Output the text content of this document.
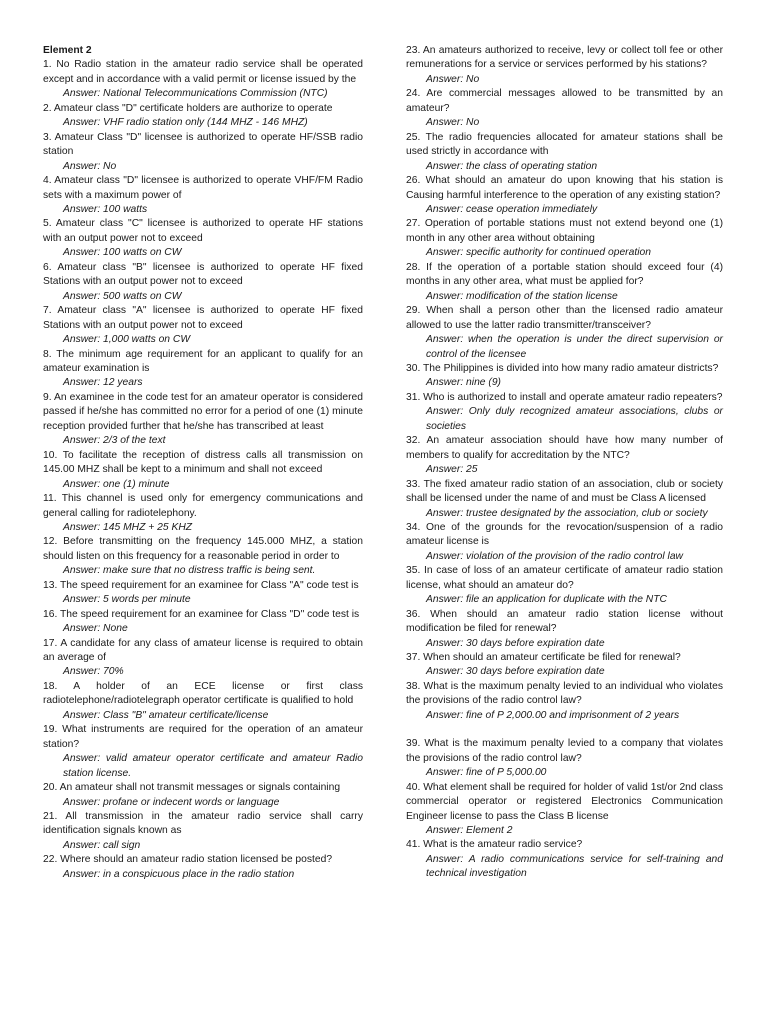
Element 2
1. No Radio station in the amateur radio service shall be operated except and in accordance with a valid permit or license issued by the
Answer: National Telecommunications Commission (NTC)
2. Amateur class "D" certificate holders are authorize to operate
Answer: VHF radio station only (144 MHZ - 146 MHZ)
3. Amateur Class "D" licensee is authorized to operate HF/SSB radio station
Answer: No
4. Amateur class "D" licensee is authorized to operate VHF/FM Radio sets with a maximum power of
Answer: 100 watts
5. Amateur class "C" licensee is authorized to operate HF stations with an output power not to exceed
Answer: 100 watts on CW
6. Amateur class "B" licensee is authorized to operate HF fixed Stations with an output power not to exceed
Answer: 500 watts on CW
7. Amateur class "A" licensee is authorized to operate HF fixed Stations with an output power not to exceed
Answer: 1,000 watts on CW
8. The minimum age requirement for an applicant to qualify for an amateur examination is
Answer: 12 years
9. An examinee in the code test for an amateur operator is considered passed if he/she has committed no error for a period of one (1) minute reception provided further that he/she has transcribed at least
Answer: 2/3 of the text
10. To facilitate the reception of distress calls all transmission on 145.00 MHZ shall be kept to a minimum and shall not exceed
Answer: one (1) minute
11. This channel is used only for emergency communications and general calling for radiotelephony.
Answer: 145 MHZ + 25 KHZ
12. Before transmitting on the frequency 145.000 MHZ, a station should listen on this frequency for a reasonable period in order to
Answer: make sure that no distress traffic is being sent.
13. The speed requirement for an examinee for Class "A" code test is
Answer: 5 words per minute
16. The speed requirement for an examinee for Class "D" code test is
Answer: None
17. A candidate for any class of amateur license is required to obtain an average of
Answer: 70%
18. A holder of an ECE license or first class radiotelephone/radiotelegraph operator certificate is qualified to hold
Answer: Class "B" amateur certificate/license
19. What instruments are required for the operation of an amateur station?
Answer: valid amateur operator certificate and amateur Radio station license.
20. An amateur shall not transmit messages or signals containing
Answer: profane or indecent words or language
21. All transmission in the amateur radio service shall carry identification signals known as
Answer: call sign
22. Where should an amateur radio station licensed be posted?
Answer: in a conspicuous place in the radio station
23. An amateurs authorized to receive, levy or collect toll fee or other remunerations for a service or services performed by his stations?
Answer: No
24. Are commercial messages allowed to be transmitted by an amateur?
Answer: No
25. The radio frequencies allocated for amateur stations shall be used strictly in accordance with
Answer: the class of operating station
26. What should an amateur do upon knowing that his station is Causing harmful interference to the operation of any existing station?
Answer: cease operation immediately
27. Operation of portable stations must not extend beyond one (1) month in any other area without obtaining
Answer: specific authority for continued operation
28. If the operation of a portable station should exceed four (4) months in any other area, what must be applied for?
Answer: modification of the station license
29. When shall a person other than the licensed radio amateur allowed to use the latter radio transmitter/transceiver?
Answer: when the operation is under the direct supervision or control of the licensee
30. The Philippines is divided into how many radio amateur districts?
Answer: nine (9)
31. Who is authorized to install and operate amateur radio repeaters?
Answer: Only duly recognized amateur associations, clubs or societies
32. An amateur association should have how many number of members to qualify for accreditation by the NTC?
Answer: 25
33. The fixed amateur radio station of an association, club or society shall be licensed under the name of and must be Class A licensed
Answer: trustee designated by the association, club or society
34. One of the grounds for the revocation/suspension of a radio amateur license is
Answer: violation of the provision of the radio control law
35. In case of loss of an amateur certificate of amateur radio station license, what should an amateur do?
Answer: file an application for duplicate with the NTC
36. When should an amateur radio station license without modification be filed for renewal?
Answer: 30 days before expiration date
37. When should an amateur certificate be filed for renewal?
Answer: 30 days before expiration date
38. What is the maximum penalty levied to an individual who violates the provisions of the radio control law?
Answer: fine of P 2,000.00 and imprisonment of 2 years
39. What is the maximum penalty levied to a company that violates the provisions of the radio control law?
Answer: fine of P 5,000.00
40. What element shall be required for holder of valid 1st/or 2nd class commercial operator or registered Electronics Communication Engineer license to pass the Class B license
Answer: Element 2
41. What is the amateur radio service?
Answer: A radio communications service for self-training and technical investigation
